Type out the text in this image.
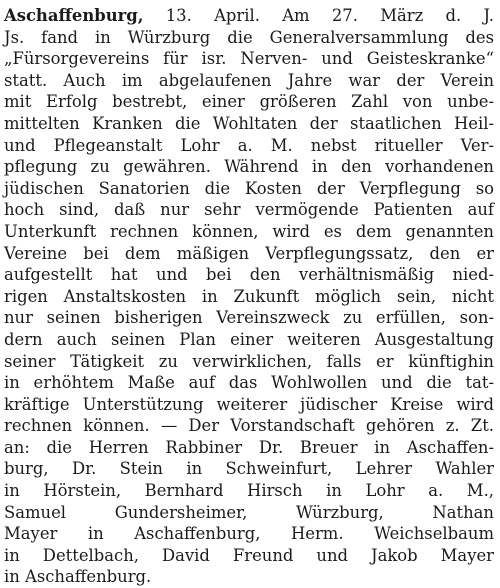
Aschaffenburg, 13. April. Am 27. März d. J.
Js. fand in Würzburg die Generalversammlung des
„Fürsorgevereins für isr. Nerven- und Geisteskranke“
statt. Auch im abgelaufenen Jahre war der Verein
mit Erfolg bestrebt, einer größeren Zahl von unbe-
mittelten Kranken die Wohltaten der staatlichen Heil-
und Pflegeanstalt Lohr a. M. nebst ritueller Ver-
pflegung zu gewähren. Während in den vorhandenen
jüdischen Sanatorien die Kosten der Verpflegung so
hoch sind, daß nur sehr vermögende Patienten auf
Unterkunft rechnen können, wird es dem genannten
Vereine bei dem mäßigen Verpflegungssatz, den er
aufgestellt hat und bei den verhältnismäßig nied-
rigen Anstaltskosten in Zukunft möglich sein, nicht
nur seinen bisherigen Vereinszweck zu erfüllen, son-
dern auch seinen Plan einer weiteren Ausgestaltung
seiner Tätigkeit zu verwirklichen, falls er künftighin
in erhöhtem Maße auf das Wohlwollen und die tat-
kräftige Unterstützung weiterer jüdischer Kreise wird
rechnen können. — Der Vorstandschaft gehören z. Zt.
an: die Herren Rabbiner Dr. Breuer in Aschaffen-
burg, Dr. Stein in Schweinfurt, Lehrer Wahler
in Hörstein, Bernhard Hirsch in Lohr a. M.,
Samuel Gundersheimer, Würzburg, Nathan
Mayer in Aschaffenburg, Herm. Weichselbaum
in Dettelbach, David Freund und Jakob Mayer
in Aschaffenburg.
